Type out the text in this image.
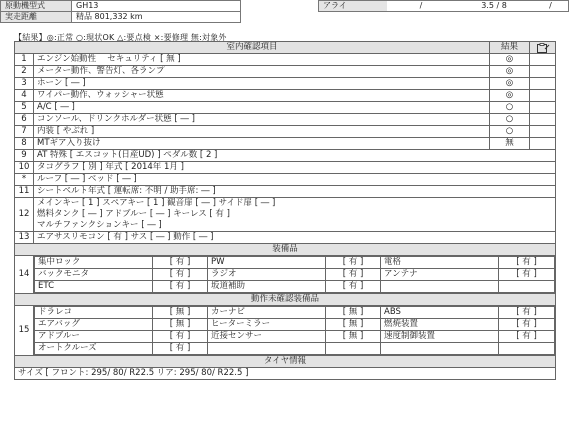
原動機型式	GH13
実走距離	精品 801,332 km
アライ	/	3.5 / 8	/
【結果】◎:正常 ○:現状OK △:要点検 ×:要修理 無:対象外
室内確認項目	結果	

1	エンジン始動性　 セキュリティ [ 無 ]	◎	
2	メーター動作、警告灯、各ランプ	◎	
3	ホーン [ ― ]	◎	
4	ワイパー動作、ウォッシャー状態	◎	
5	A/C [ ― ]	○	
6	コンソール、ドリンクホルダー状態 [ ― ]	○	
7	内装 [ やぶれ ]	○	
8	MTギア入り抜け	無	
9	AT 特殊 [ エスコット(日産UD) ] ペダル数 [ 2 ]
10	タコグラフ [ 別 ] 年式 [ 2014年 1月 ]
*	ルーフ [ ― ] ベッド [ ― ]
11	シートベルト年式 [ 運転席: 不明 / 助手席: ― ]
12	
メインキー [ 1 ] スペアキー [ 1 ] 観音扉 [ ― ] サイド扉 [ ― ]
燃料タンク [ ― ] アドブルー [ ― ] キーレス [ 有 ]
マルチファンクションキー [ ― ]

13	エアサスリモコン [ 有 ] サス [ ― ] 動作 [ ― ]
装備品
14	
集中ロック	[ 有 ]	PW	[ 有 ]	電格	[ 有 ]
バックモニタ	[ 有 ]	ラジオ	[ 有 ]	アンテナ	[ 有 ]
ETC	[ 有 ]	坂道補助	[ 有 ]		

動作未確認装備品
15	
ドラレコ	[ 無 ]	カーナビ	[ 無 ]	ABS	[ 有 ]
エアバッグ	[ 無 ]	ヒーターミラー	[ 無 ]	燃焼装置	[ 有 ]
アドブルー	[ 有 ]	近接センサー	[ 無 ]	速度制御装置	[ 有 ]
オートクルーズ	[ 有 ]				

タイヤ情報
サイズ [ フロント: 295/ 80/ R22.5 リア: 295/ 80/ R22.5 ]
